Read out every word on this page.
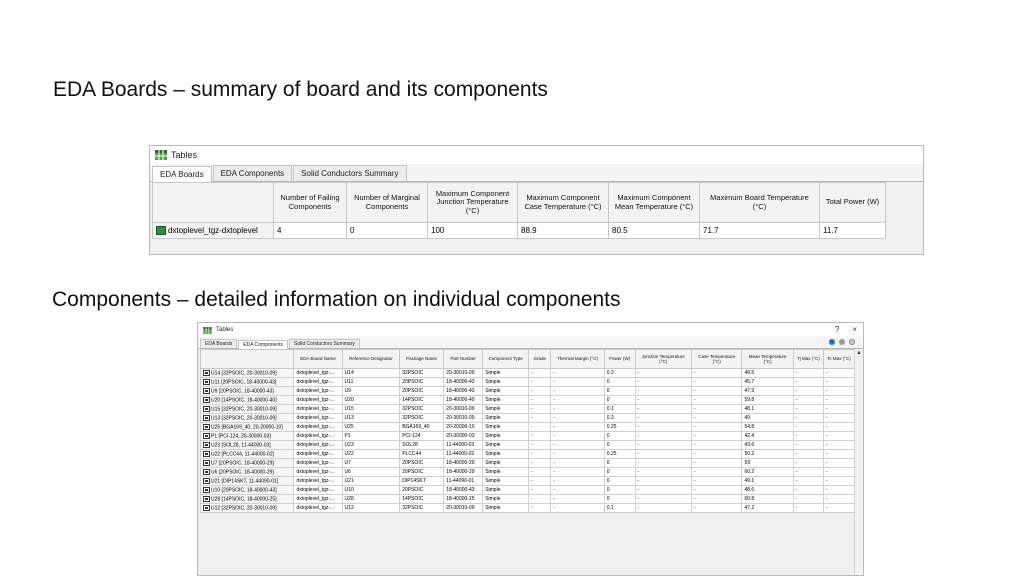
EDA Boards – summary of board and its components
Tables
EDA Boards	EDA Components	Solid Conductors Summary
	Number of Failing Components	Number of Marginal Components	Maximum Component Junction Temperature (°C)	Maximum Component Case Temperature (°C)	Maximum Component Mean Temperature (°C)	Maximum Board Temperature (°C)	Total Power (W)
dxtoplevel_tgz-dxtoplevel	4	0	100	88.9	80.5	71.7	11.7
Components – detailed information on individual components
Tables	? ×
EDA Boards	EDA Components	Solid Conductors Summary
	EDA Board Name	Reference Designator	Package Name	Part Number	Component Type	Grade	Thermal Margin (°C)	Power (W)	Junction Temperature (°C)	Case Temperature (°C)	Mean Temperature (°C)	Tj Max (°C)	Tc Max (°C)
U14 [32PSOIC, 20-30010-09]	dxtoplevel_tgz-...	U14	32PSOIC	20-30010-09	Simple	-	-	0.2	-	-	48.5	-	-
U11 [20PSOIC, 18-40000-43]	dxtoplevel_tgz-...	U11	20PSOIC	18-40000-43	Simple	-	-	0	-	-	45.7	-	-
U9 [20PSOIC, 18-40000-43]	dxtoplevel_tgz-...	U9	20PSOIC	18-40000-43	Simple	-	-	0	-	-	47.9	-	-
U20 [14PSOIC, 18-40000-40]	dxtoplevel_tgz-...	U20	14PSOIC	18-40000-40	Simple	-	-	0	-	-	59.8	-	-
U15 [32PSOIC, 20-30010-09]	dxtoplevel_tgz-...	U15	32PSOIC	20-30010-09	Simple	-	-	0.1	-	-	48.1	-	-
U13 [32PSOIC, 20-30010-09]	dxtoplevel_tgz-...	U13	32PSOIC	20-30010-09	Simple	-	-	0.2	-	-	49	-	-
U25 [BGA169_40, 20-20000-10]	dxtoplevel_tgz-...	U25	BGA169_40	20-20000-10	Simple	-	-	0.25	-	-	54.8	-	-
P1 [PCI-124, 20-30000-03]	dxtoplevel_tgz-...	P1	PCI-124	20-30000-03	Simple	-	-	0	-	-	42.4	-	-
U23 [SOL28, 11-44000-03]	dxtoplevel_tgz-...	U23	SOL28	11-44000-03	Simple	-	-	0	-	-	43.6	-	-
U22 [PLCC44, 11-44000-02]	dxtoplevel_tgz-...	U22	PLCC44	11-44000-02	Simple	-	-	0.25	-	-	50.2	-	-
U7 [20PSOIC, 18-40000-29]	dxtoplevel_tgz-...	U7	20PSOIC	18-40000-29	Simple	-	-	0	-	-	59	-	-
U6 [20PSOIC, 18-40000-29]	dxtoplevel_tgz-...	U6	20PSOIC	18-40000-29	Simple	-	-	0	-	-	60.2	-	-
U21 [DIP14SKT, 11-44090-01]	dxtoplevel_tgz-...	U21	DIP14SKT	11-44090-01	Simple	-	-	0	-	-	49.1	-	-
U10 [20PSOIC, 18-40000-43]	dxtoplevel_tgz-...	U10	20PSOIC	18-40000-43	Simple	-	-	0	-	-	48.6	-	-
U28 [14PSOIC, 18-40000-25]	dxtoplevel_tgz-...	U28	14PSOIC	18-40000-25	Simple	-	-	0	-	-	60.8	-	-
U12 [32PSOIC, 20-30010-09]	dxtoplevel_tgz-...	U12	32PSOIC	20-30010-09	Simple	-	-	0.1	-	-	47.2	-	-
▲
